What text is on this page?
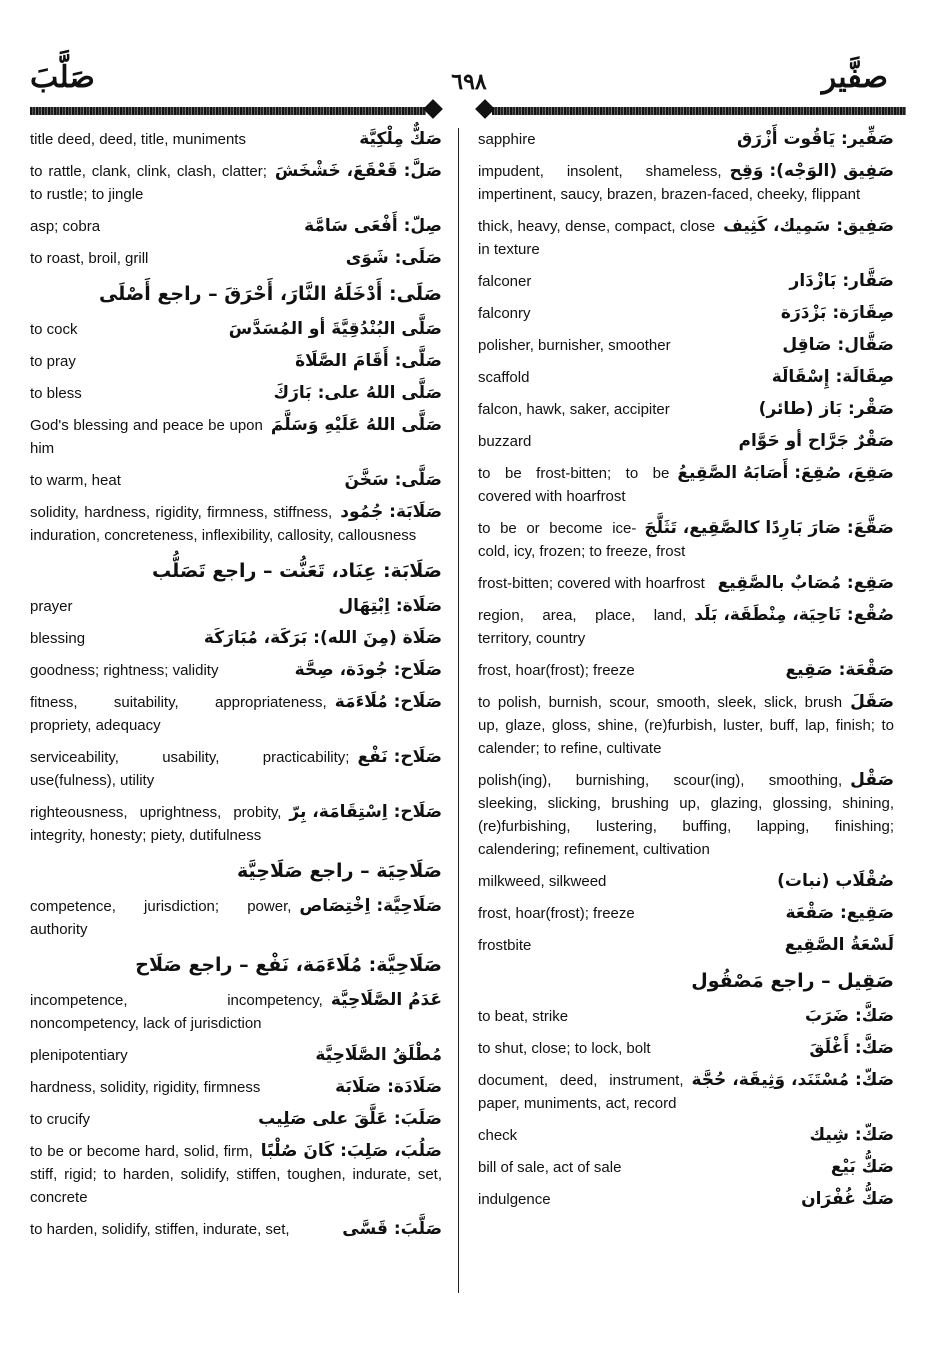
صَلَّبَ	٦٩٨	صفَّير
صَكٌّ مِلْكِيَّة
title deed, deed, title, muniments
صَلَّ: قَعْقَعَ، خَشْخَشَ
to rattle, clank, clink, clash, clatter; to rustle; to jingle
صِلّ: أَفْعَى سَامَّة
asp; cobra
صَلَى: شَوَى
to roast, broil, grill
صَلَى: أَدْخَلَهُ النَّارَ، أَحْرَقَ – راجع أَصْلَى
صَلَّى البُنْدُقِيَّةَ أو المُسَدَّسَ
to cock
صَلَّى: أَقَامَ الصَّلَاةَ
to pray
صَلَّى اللهُ على: بَارَكَ
to bless
صَلَّى اللهُ عَلَيْهِ وَسَلَّمَ
God's blessing and peace be upon him
صَلَّى: سَخَّنَ
to warm, heat
صَلَابَة: جُمُود
solidity, hardness, rigidity, firmness, stiffness, induration, concreteness, inflexibility, callosity, callousness
صَلَابَة: عِنَاد، تَعَنُّت – راجع تَصَلُّب
صَلَاة: اِبْتِهَال
prayer
صَلَاة (مِنَ الله): بَرَكَة، مُبَارَكَة
blessing
صَلَاح: جُودَة، صِحَّة
goodness; rightness; validity
صَلَاح: مُلَاءَمَة
fitness, suitability, appropriateness, propriety, adequacy
صَلَاح: نَفْع
serviceability, usability, practicability; use(fulness), utility
صَلَاح: اِسْتِقَامَة، بِرّ
righteousness, uprightness, probity, integrity, honesty; piety, dutifulness
صَلَاحِيَة – راجع صَلَاحِيَّة
صَلَاحِيَّة: اِخْتِصَاص
competence, jurisdiction; power, authority
صَلَاحِيَّة: مُلَاءَمَة، نَفْع – راجع صَلَاح
عَدَمُ الصَّلَاحِيَّة
incompetence, incompetency, noncompetency, lack of jurisdiction
مُطْلَقُ الصَّلَاحِيَّة
plenipotentiary
صَلَادَة: صَلَابَة
hardness, solidity, rigidity, firmness
صَلَبَ: عَلَّقَ على صَلِيب
to crucify
صَلُبَ، صَلِبَ: كَانَ صُلْبًا
to be or become hard, solid, firm, stiff, rigid; to harden, solidify, stiffen, toughen, indurate, set, concrete
صَلَّبَ: قَسَّى
to harden, solidify, stiffen, indurate, set,
صَفِّير: يَاقُوت أَزْرَق
sapphire
صَفِيق (الوَجْه): وَقِح
impudent, insolent, shameless, impertinent, saucy, brazen, brazen-faced, cheeky, flippant
صَفِيق: سَمِيك، كَثِيف
thick, heavy, dense, compact, close in texture
صَقَّار: بَازْدَار
falconer
صِقَارَة: بَزْدَرَة
falconry
صَقَّال: صَاقِل
polisher, burnisher, smoother
صِقَالَة: إِسْقَالَة
scaffold
صَقْر: بَاز (طائر)
falcon, hawk, saker, accipiter
صَقْرٌ جَرَّاح أو حَوَّام
buzzard
صَقِعَ، صُقِعَ: أَصَابَهُ الصَّقِيعُ
to be frost-bitten; to be covered with hoarfrost
صَقَّعَ: صَارَ بَارِدًا كالصَّقِيع، تَثَلَّجَ
to be or become ice-cold, icy, frozen; to freeze, frost
صَقِع: مُصَابٌ بالصَّقِيع
frost-bitten; covered with hoarfrost
صُقْع: نَاحِيَة، مِنْطَقَة، بَلَد
region, area, place, land, territory, country
صَقْعَة: صَقِيع
frost, hoar(frost); freeze
صَقَلَ
to polish, burnish, scour, smooth, sleek, slick, brush up, glaze, gloss, shine, (re)furbish, luster, buff, lap, finish; to calender; to refine, cultivate
صَقْل
polish(ing), burnishing, scour(ing), smoothing, sleeking, slicking, brushing up, glazing, glossing, shining, (re)furbishing, lustering, buffing, lapping, finishing; calendering; refinement, cultivation
صُقْلَاب (نبات)
milkweed, silkweed
صَقِيع: صَقْعَة
frost, hoar(frost); freeze
لَسْعَةُ الصَّقِيع
frostbite
صَقِيل – راجع مَصْقُول
صَكَّ: ضَرَبَ
to beat, strike
صَكَّ: أَغْلَقَ
to shut, close; to lock, bolt
صَكّ: مُسْتَنَد، وَثِيقَة، حُجَّة
document, deed, instrument, paper, muniments, act, record
صَكّ: شِيك
check
صَكُّ بَيْع
bill of sale, act of sale
صَكُّ غُفْرَان
indulgence
